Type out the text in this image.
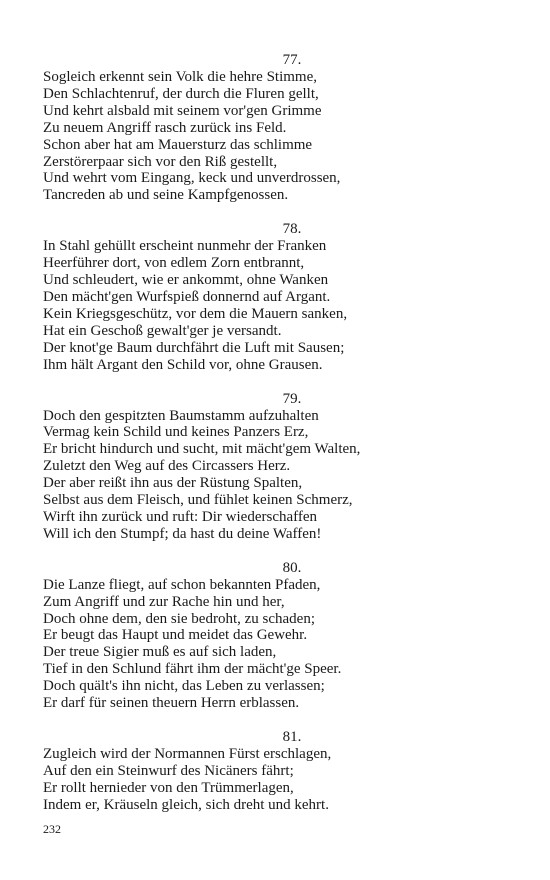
77.
Sogleich erkennt sein Volk die hehre Stimme,
Den Schlachtenruf, der durch die Fluren gellt,
Und kehrt alsbald mit seinem vor'gen Grimme
Zu neuem Angriff rasch zurück ins Feld.
Schon aber hat am Mauersturz das schlimme
Zerstörerpaar sich vor den Riß gestellt,
Und wehrt vom Eingang, keck und unverdrossen,
Tancreden ab und seine Kampfgenossen.
78.
In Stahl gehüllt erscheint nunmehr der Franken
Heerführer dort, von edlem Zorn entbrannt,
Und schleudert, wie er ankommt, ohne Wanken
Den mächt'gen Wurfspieß donnernd auf Argant.
Kein Kriegsgeschütz, vor dem die Mauern sanken,
Hat ein Geschoß gewalt'ger je versandt.
Der knot'ge Baum durchfährt die Luft mit Sausen;
Ihm hält Argant den Schild vor, ohne Grausen.
79.
Doch den gespitzten Baumstamm aufzuhalten
Vermag kein Schild und keines Panzers Erz,
Er bricht hindurch und sucht, mit mächt'gem Walten,
Zuletzt den Weg auf des Circassers Herz.
Der aber reißt ihn aus der Rüstung Spalten,
Selbst aus dem Fleisch, und fühlet keinen Schmerz,
Wirft ihn zurück und ruft: Dir wiederschaffen
Will ich den Stumpf; da hast du deine Waffen!
80.
Die Lanze fliegt, auf schon bekannten Pfaden,
Zum Angriff und zur Rache hin und her,
Doch ohne dem, den sie bedroht, zu schaden;
Er beugt das Haupt und meidet das Gewehr.
Der treue Sigier muß es auf sich laden,
Tief in den Schlund fährt ihm der mächt'ge Speer.
Doch quält's ihn nicht, das Leben zu verlassen;
Er darf für seinen theuern Herrn erblassen.
81.
Zugleich wird der Normannen Fürst erschlagen,
Auf den ein Steinwurf des Nicäners fährt;
Er rollt hernieder von den Trümmerlagen,
Indem er, Kräuseln gleich, sich dreht und kehrt.
232
